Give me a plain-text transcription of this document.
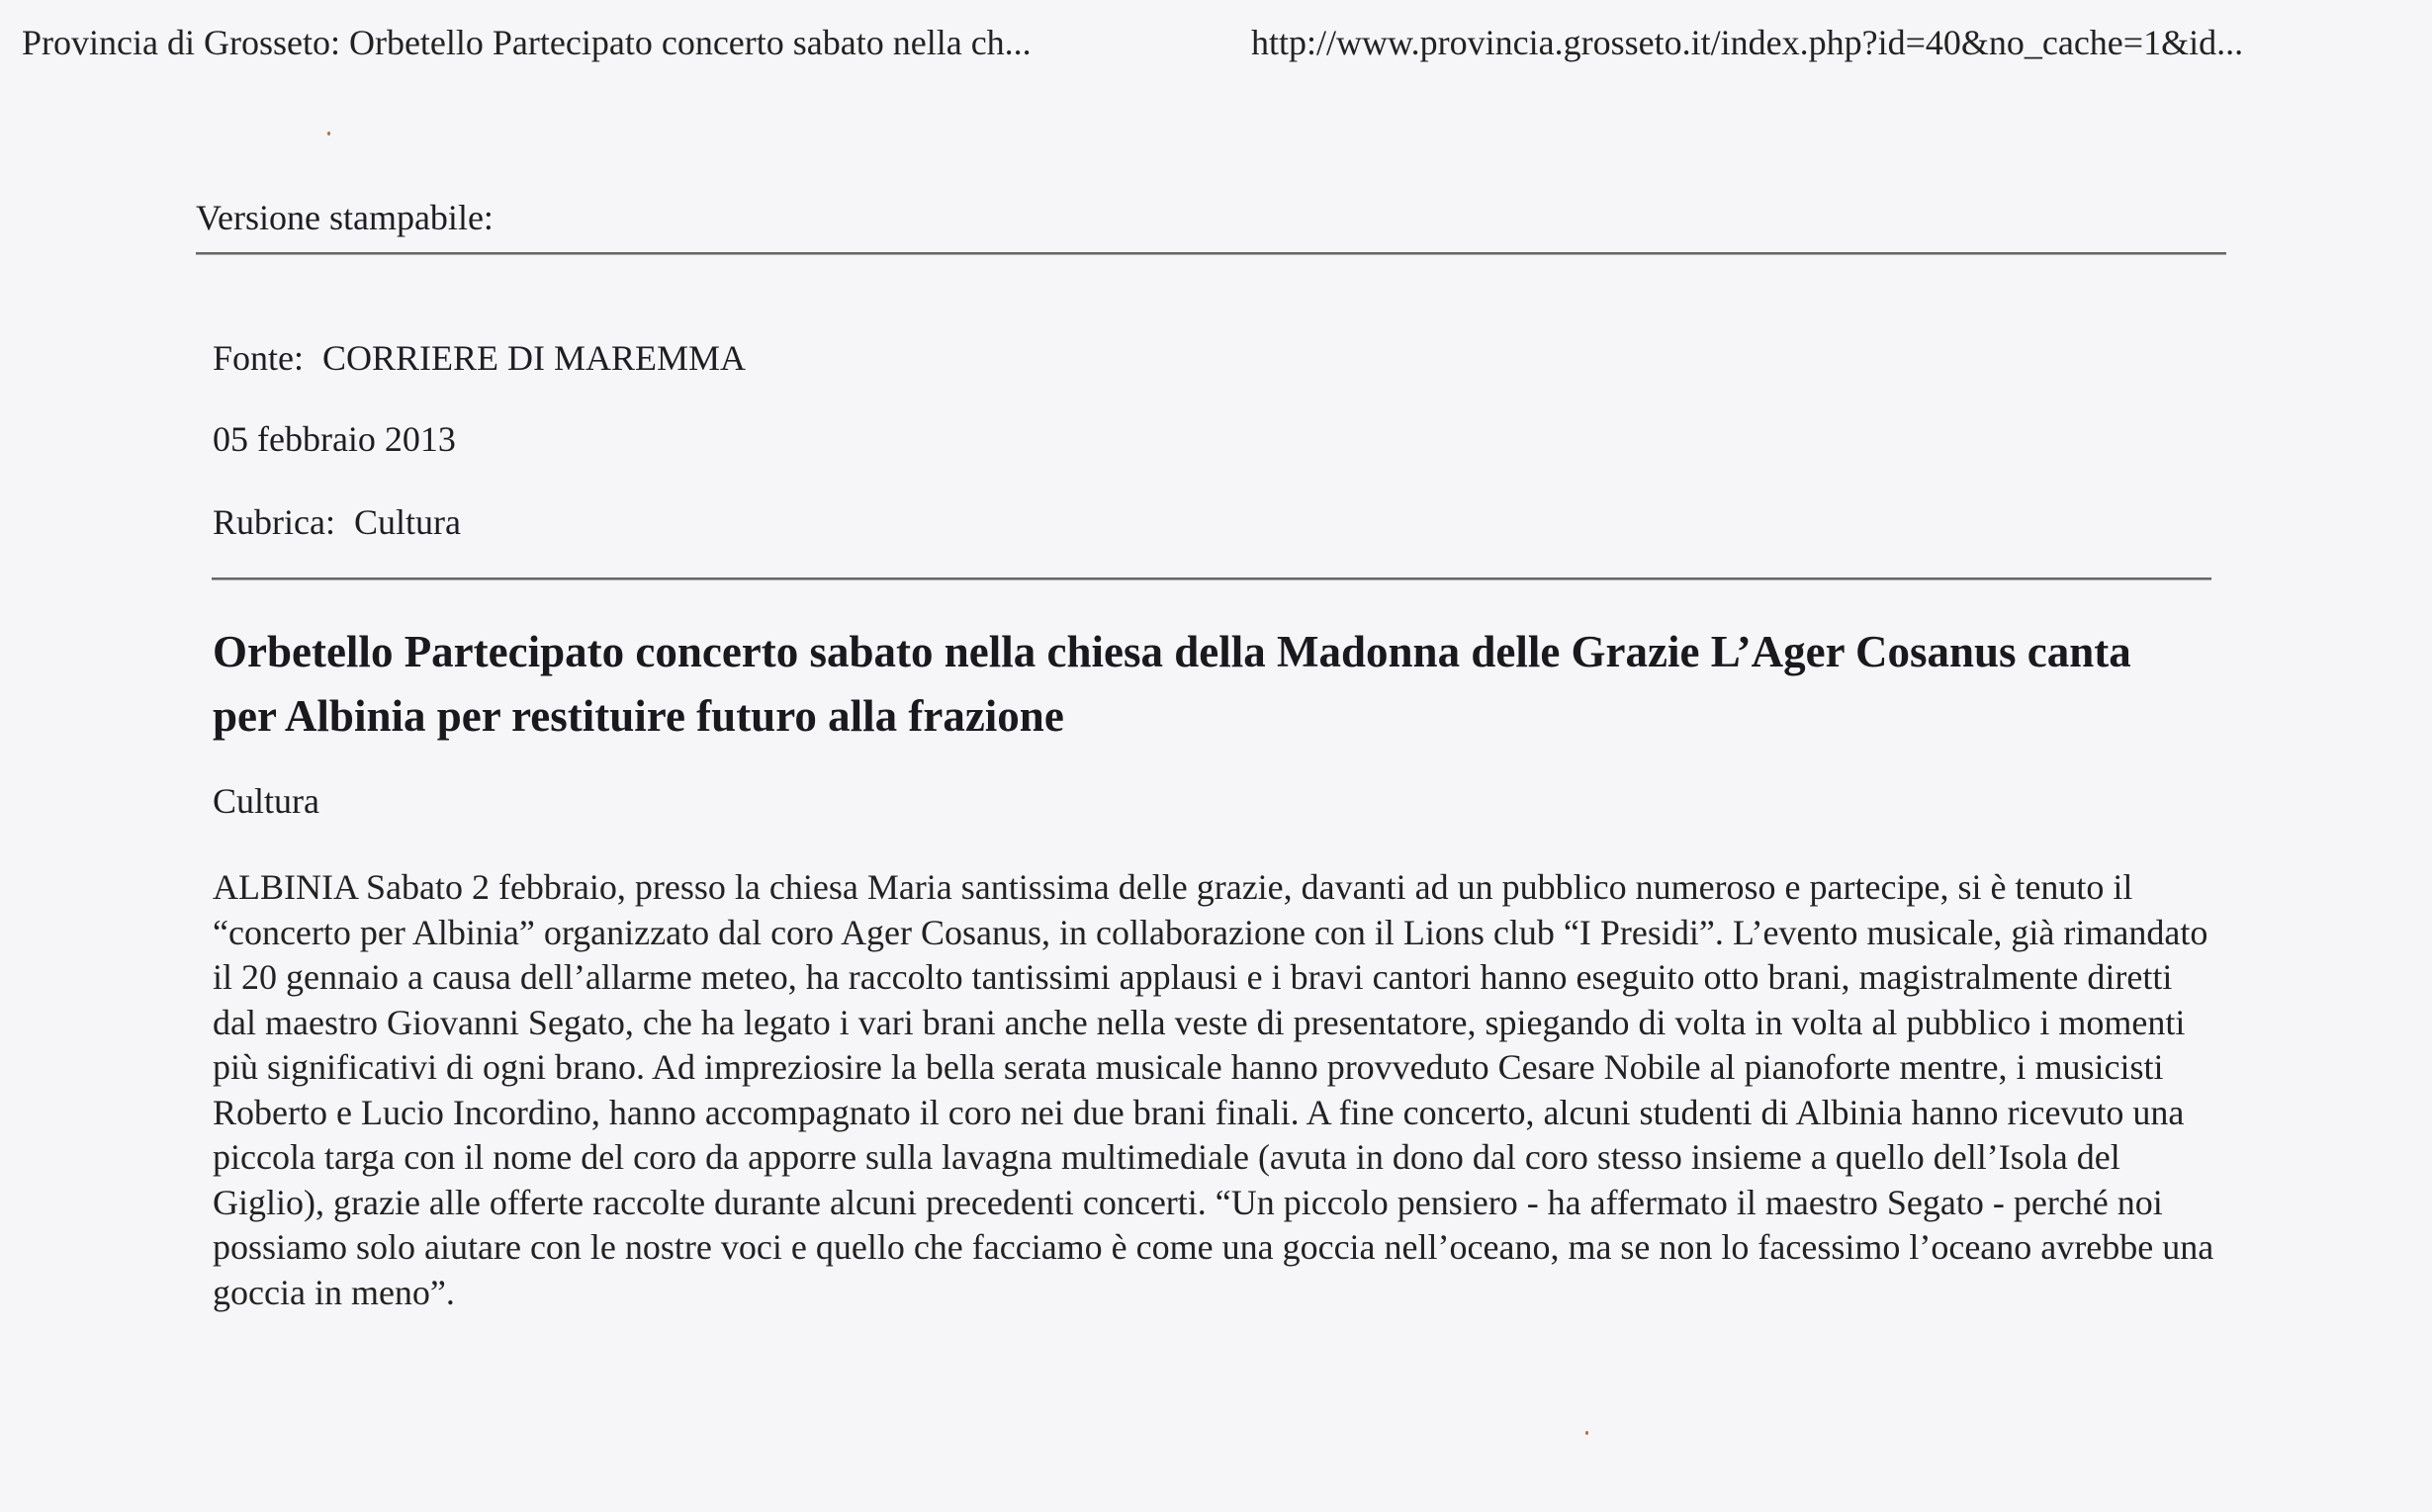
Provincia di Grosseto: Orbetello Partecipato concerto sabato nella ch...	http://www.provincia.grosseto.it/index.php?id=40&no_cache=1&id...
Versione stampabile:
Fonte: CORRIERE DI MAREMMA
05 febbraio 2013
Rubrica: Cultura
Orbetello Partecipato concerto sabato nella chiesa della Madonna delle Grazie L’Ager Cosanus canta per Albinia per restituire futuro alla frazione
Cultura

ALBINIA Sabato 2 febbraio, presso la chiesa Maria santissima delle grazie, davanti ad un pubblico numeroso e partecipe, si è tenuto il “concerto per Albinia” organizzato dal coro Ager Cosanus, in collaborazione con il Lions club “I Presidi”. L’evento musicale, già rimandato il 20 gennaio a causa dell’allarme meteo, ha raccolto tantissimi applausi e i bravi cantori hanno eseguito otto brani, magistralmente diretti dal maestro Giovanni Segato, che ha legato i vari brani anche nella veste di presentatore, spiegando di volta in volta al pubblico i momenti più significativi di ogni brano. Ad impreziosire la bella serata musicale hanno provveduto Cesare Nobile al pianoforte mentre, i musicisti Roberto e Lucio Incordino, hanno accompagnato il coro nei due brani finali. A fine concerto, alcuni studenti di Albinia hanno ricevuto una piccola targa con il nome del coro da apporre sulla lavagna multimediale (avuta in dono dal coro stesso insieme a quello dell’Isola del Giglio), grazie alle offerte raccolte durante alcuni precedenti concerti. “Un piccolo pensiero - ha affermato il maestro Segato - perché noi possiamo solo aiutare con le nostre voci e quello che facciamo è come una goccia nell’oceano, ma se non lo facessimo l’oceano avrebbe una goccia in meno”.
